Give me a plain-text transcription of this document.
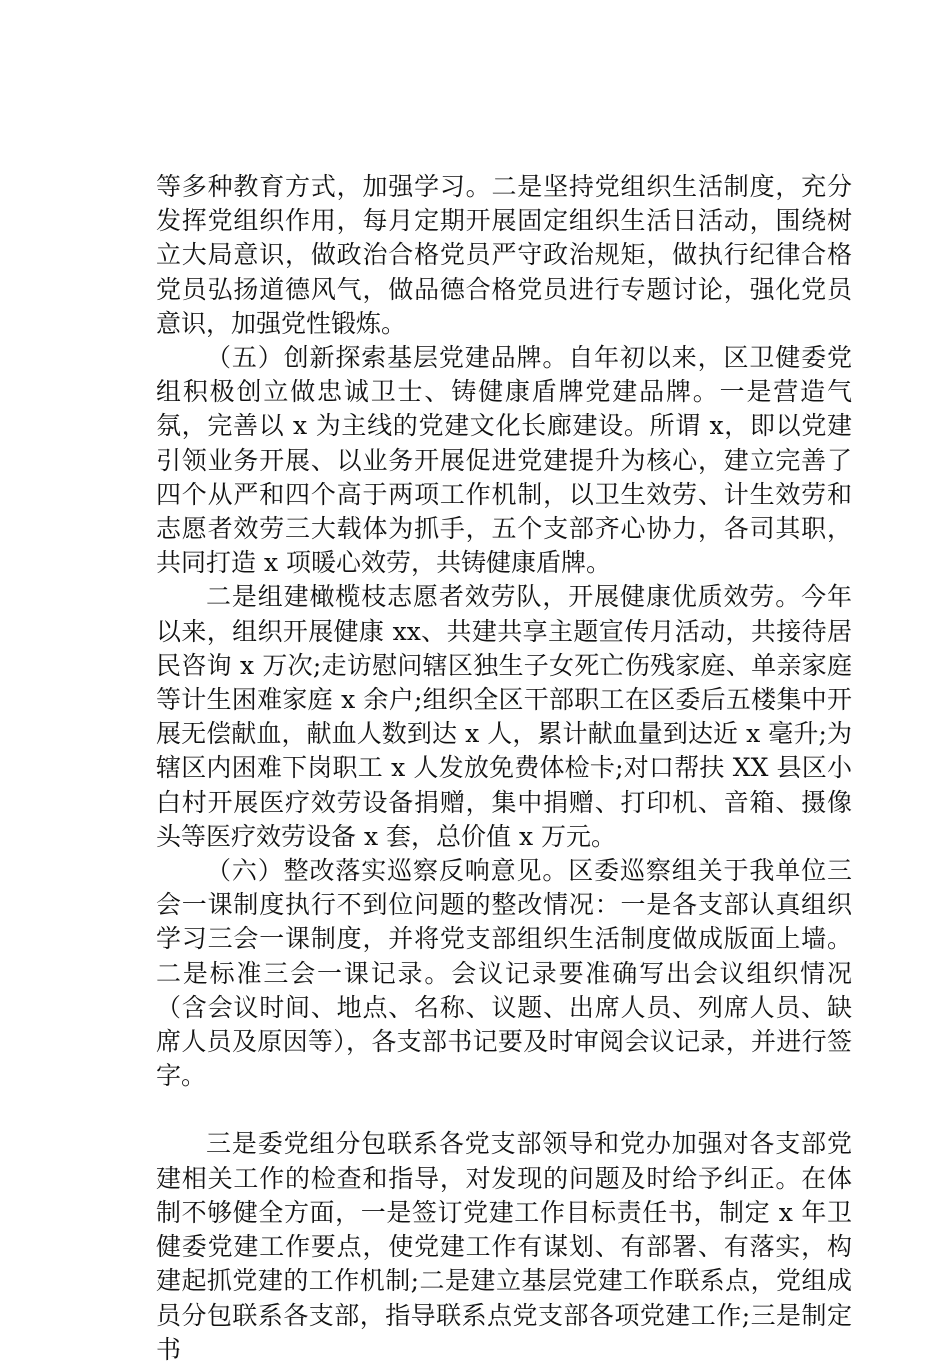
等多种教育方式，加强学习。二是坚持党组织生活制度，充分发挥党组织作用，每月定期开展固定组织生活日活动，围绕树立大局意识，做政治合格党员严守政治规矩，做执行纪律合格党员弘扬道德风气，做品德合格党员进行专题讨论，强化党员意识，加强党性锻炼。

（五）创新探索基层党建品牌。自年初以来，区卫健委党组积极创立做忠诚卫士、铸健康盾牌党建品牌。一是营造气氛，完善以 x 为主线的党建文化长廊建设。所谓 x，即以党建引领业务开展、以业务开展促进党建提升为核心，建立完善了四个从严和四个高于两项工作机制，以卫生效劳、计生效劳和志愿者效劳三大载体为抓手，五个支部齐心协力，各司其职，共同打造 x 项暖心效劳，共铸健康盾牌。

二是组建橄榄枝志愿者效劳队，开展健康优质效劳。今年以来，组织开展健康 xx、共建共享主题宣传月活动，共接待居民咨询 x 万次;走访慰问辖区独生子女死亡伤残家庭、单亲家庭等计生困难家庭 x 余户;组织全区干部职工在区委后五楼集中开展无偿献血，献血人数到达 x 人，累计献血量到达近 x 毫升;为辖区内困难下岗职工 x 人发放免费体检卡;对口帮扶 XX 县区小白村开展医疗效劳设备捐赠，集中捐赠、打印机、音箱、摄像头等医疗效劳设备 x 套，总价值 x 万元。

（六）整改落实巡察反响意见。区委巡察组关于我单位三会一课制度执行不到位问题的整改情况：一是各支部认真组织学习三会一课制度，并将党支部组织生活制度做成版面上墙。二是标准三会一课记录。会议记录要准确写出会议组织情况（含会议时间、地点、名称、议题、出席人员、列席人员、缺席人员及原因等），各支部书记要及时审阅会议记录，并进行签字。

三是委党组分包联系各党支部领导和党办加强对各支部党建相关工作的检查和指导，对发现的问题及时给予纠正。在体制不够健全方面，一是签订党建工作目标责任书，制定 x 年卫健委党建工作要点，使党建工作有谋划、有部署、有落实，构建起抓党建的工作机制;二是建立基层党建工作联系点，党组成员分包联系各支部，指导联系点党支部各项党建工作;三是制定书
